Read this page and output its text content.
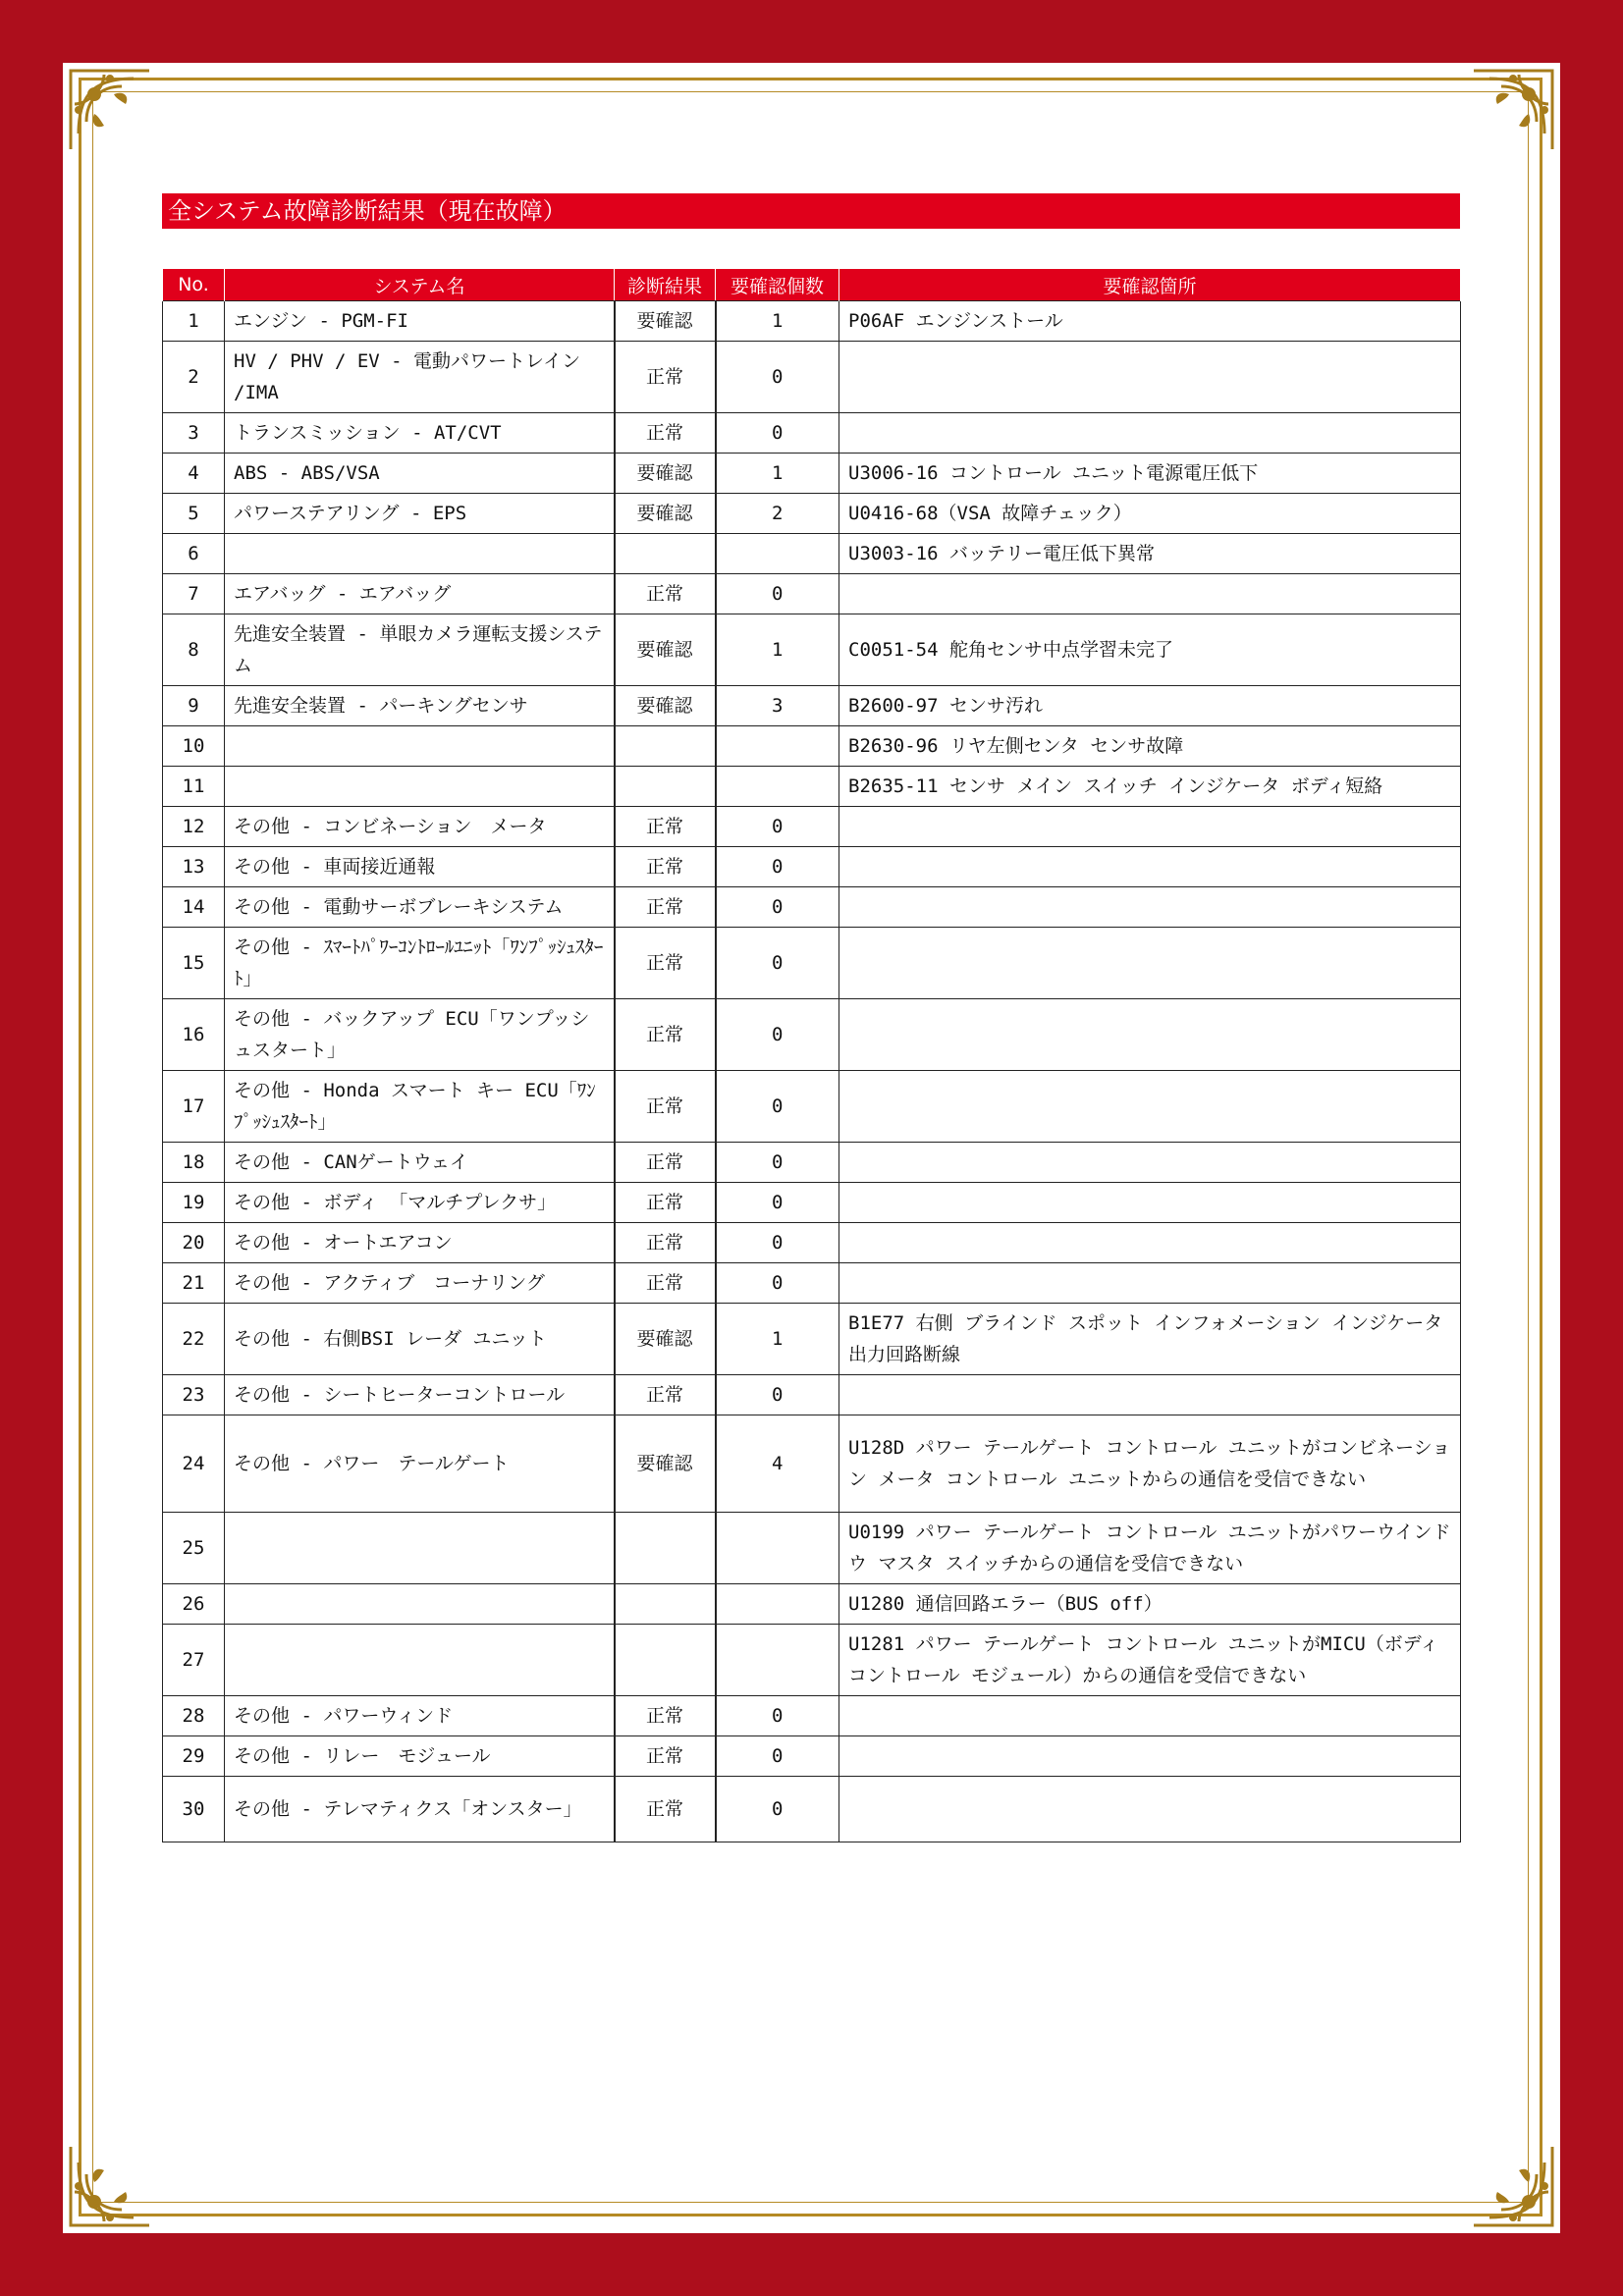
全システム故障診断結果（現在故障）
No.	システム名	診断結果	要確認個数	要確認箇所
1	エンジン - PGM-FI	要確認	1	P06AF エンジンストール
2	HV / PHV / EV - 電動パワートレイン /IMA	正常	0	
3	トランスミッション - AT/CVT	正常	0	
4	ABS - ABS/VSA	要確認	1	U3006-16 コントロール ユニット電源電圧低下
5	パワーステアリング - EPS	要確認	2	U0416-68（VSA 故障チェック）
6				U3003-16 バッテリー電圧低下異常
7	エアバッグ - エアバッグ	正常	0	
8	先進安全装置 - 単眼カメラ運転支援システム	要確認	1	C0051-54 舵角センサ中点学習未完了
9	先進安全装置 - パーキングセンサ	要確認	3	B2600-97 センサ汚れ
10				B2630-96 リヤ左側センタ センサ故障
11				B2635-11 センサ メイン スイッチ インジケータ ボディ短絡
12	その他 - コンビネーション　メータ	正常	0	
13	その他 - 車両接近通報	正常	0	
14	その他 - 電動サーボブレーキシステム	正常	0	
15	その他 - ｽﾏｰﾄﾊﾟﾜｰｺﾝﾄﾛｰﾙﾕﾆｯﾄ「ﾜﾝﾌﾟｯｼｭｽﾀｰﾄ」	正常	0	
16	その他 - バックアップ ECU「ワンプッシュスタート」	正常	0	
17	その他 - Honda スマート キー ECU「ﾜﾝﾌﾟｯｼｭｽﾀｰﾄ」	正常	0	
18	その他 - CANゲートウェイ	正常	0	
19	その他 - ボディ 「マルチプレクサ」	正常	0	
20	その他 - オートエアコン	正常	0	
21	その他 - アクティブ　コーナリング	正常	0	
22	その他 - 右側BSI レーダ ユニット	要確認	1	B1E77 右側 ブラインド スポット インフォメーション インジケータ出力回路断線
23	その他 - シートヒーターコントロール	正常	0	
24	その他 - パワー　テールゲート	要確認	4	U128D パワー テールゲート コントロール ユニットがコンビネーション メータ コントロール ユニットからの通信を受信できない
25				U0199 パワー テールゲート コントロール ユニットがパワーウインドウ マスタ スイッチからの通信を受信できない
26				U1280 通信回路エラー（BUS off）
27				U1281 パワー テールゲート コントロール ユニットがMICU（ボディ コントロール モジュール）からの通信を受信できない
28	その他 - パワーウィンド	正常	0	
29	その他 - リレー　モジュール	正常	0	
30	その他 - テレマティクス「オンスター」	正常	0	
